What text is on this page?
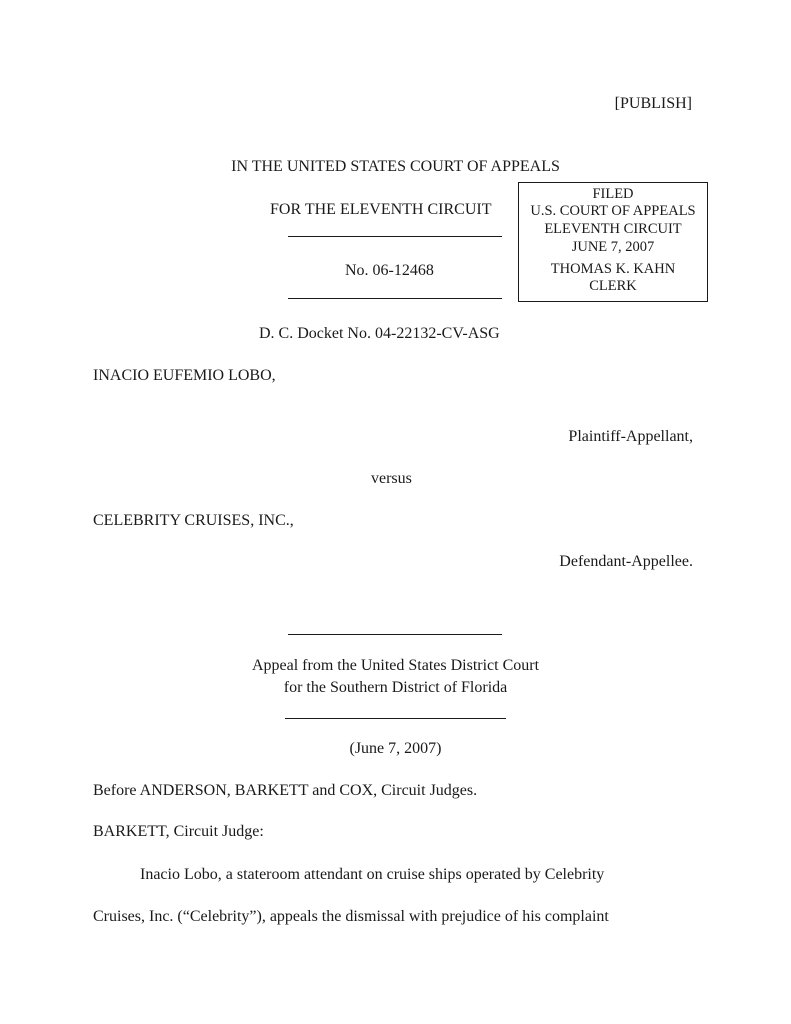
[PUBLISH]
IN THE UNITED STATES COURT OF APPEALS
FOR THE ELEVENTH CIRCUIT
FILED
U.S. COURT OF APPEALS
ELEVENTH CIRCUIT
JUNE 7, 2007
THOMAS K. KAHN
CLERK
No. 06-12468
D. C. Docket No. 04-22132-CV-ASG
INACIO EUFEMIO LOBO,
Plaintiff-Appellant,
versus
CELEBRITY CRUISES, INC.,
Defendant-Appellee.
Appeal from the United States District Court
for the Southern District of Florida
(June 7, 2007)
Before ANDERSON, BARKETT and COX, Circuit Judges.
BARKETT, Circuit Judge:
Inacio Lobo, a stateroom attendant on cruise ships operated by Celebrity
Cruises, Inc. (“Celebrity”), appeals the dismissal with prejudice of his complaint
